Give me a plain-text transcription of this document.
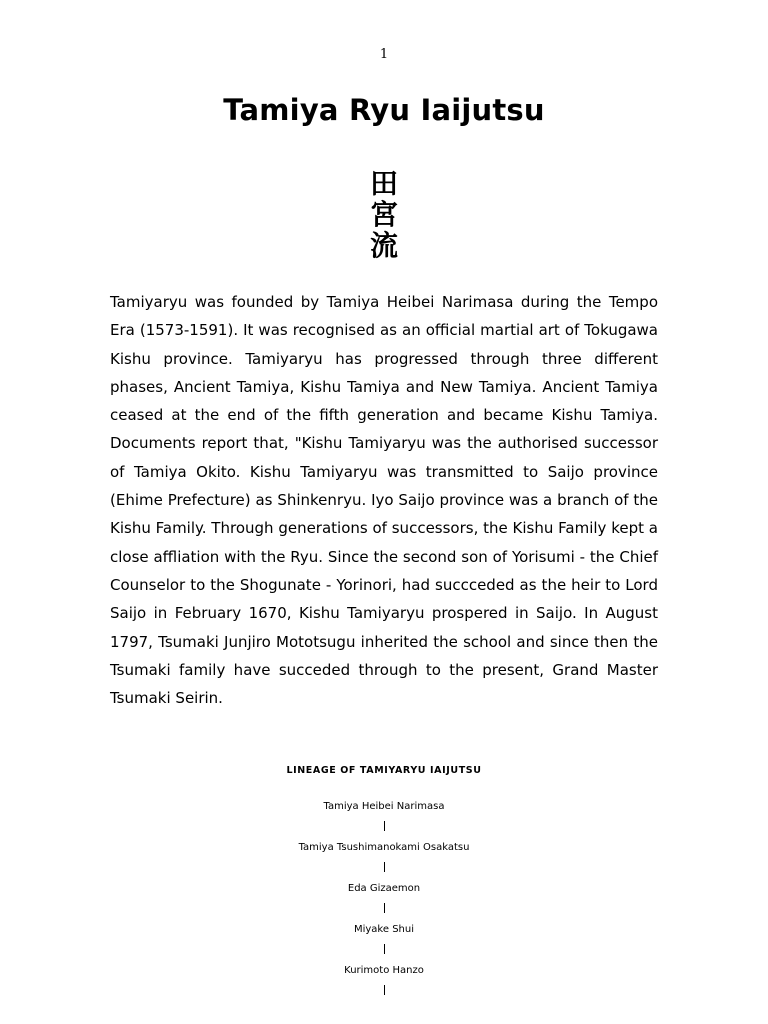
1
Tamiya Ryu Iaijutsu
田
宮
流

Tamiyaryu was founded by Tamiya Heibei Narimasa during the Tempo Era (1573-1591). It was recognised as an official martial art of Tokugawa Kishu province. Tamiyaryu has progressed through three different phases, Ancient Tamiya, Kishu Tamiya and New Tamiya. Ancient Tamiya ceased at the end of the fifth generation and became Kishu Tamiya. Documents report that, "Kishu Tamiyaryu was the authorised successor of Tamiya Okito. Kishu Tamiyaryu was transmitted to Saijo province (Ehime Prefecture) as Shinkenryu. Iyo Saijo province was a branch of the Kishu Family. Through generations of successors, the Kishu Family kept a close affliation with the Ryu. Since the second son of Yorisumi - the Chief Counselor to the Shogunate - Yorinori, had succceded as the heir to Lord Saijo in February 1670, Kishu Tamiyaryu prospered in Saijo. In August 1797, Tsumaki Junjiro Mototsugu inherited the school and since then the Tsumaki family have succeded through to the present, Grand Master Tsumaki Seirin.

LINEAGE OF TAMIYARYU IAIJUTSU
Tamiya Heibei Narimasa
Tamiya Tsushimanokami Osakatsu
Eda Gizaemon
Miyake Shui
Kurimoto Hanzo
